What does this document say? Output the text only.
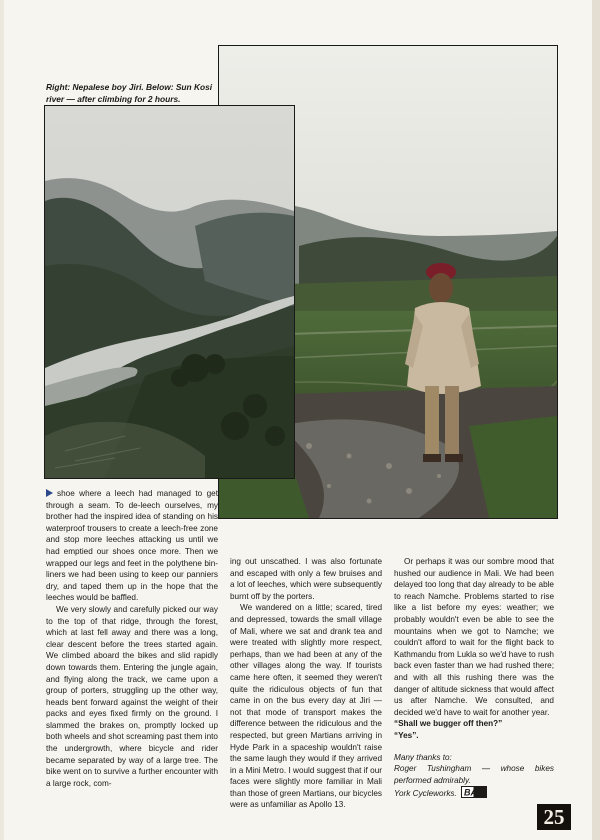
Right: Nepalese boy Jiri. Below: Sun Kosi river — after climbing for 2 hours.

shoe where a leech had managed to get through a seam. To de-leech ourselves, my brother had the inspired idea of standing on his waterproof trousers to create a leech-free zone and stop more leeches attacking us until we had emptied our shoes once more. Then we wrapped our legs and feet in the polythene bin-liners we had been using to keep our panniers dry, and taped them up in the hope that the leeches would be baffled.

We very slowly and carefully picked our way to the top of that ridge, through the forest, which at last fell away and there was a long, clear descent before the trees started again. We climbed aboard the bikes and slid rapidly down towards them. Entering the jungle again, and flying along the track, we came upon a group of porters, struggling up the other way, heads bent forward against the weight of their packs and eyes fixed firmly on the ground. I slammed the brakes on, promptly locked up both wheels and shot screaming past them into the undergrowth, where bicycle and rider became separated by way of a large tree. The bike went on to survive a further encounter with a large rock, com-

ing out unscathed. I was also fortunate and escaped with only a few bruises and a lot of leeches, which were subsequently burnt off by the porters.

We wandered on a little; scared, tired and depressed, towards the small village of Mali, where we sat and drank tea and were treated with slightly more respect, perhaps, than we had been at any of the other villages along the way. If tourists came here often, it seemed they weren't quite the ridiculous objects of fun that came in on the bus every day at Jiri — not that mode of transport makes the difference between the ridiculous and the respected, but green Martians arriving in Hyde Park in a spaceship wouldn't raise the same laugh they would if they arrived in a Mini Metro. I would suggest that if our faces were slightly more familiar in Mali than those of green Martians, our bicycles were as unfamiliar as Apollo 13.

Or perhaps it was our sombre mood that hushed our audience in Mali. We had been delayed too long that day already to be able to reach Namche. Problems started to rise like a list before my eyes: weather; we probably wouldn't even be able to see the mountains when we got to Namche; we couldn't afford to wait for the flight back to Kathmandu from Lukla so we'd have to rush back even faster than we had rushed there; and with all this rushing there was the danger of altitude sickness that would affect us after Namche. We consulted, and decided we'd have to wait for another year.

“Shall we bugger off then?”

“Yes”.

Many thanks to:

Roger Tushingham — whose bikes performed admirably.

York Cycleworks. BA

25
